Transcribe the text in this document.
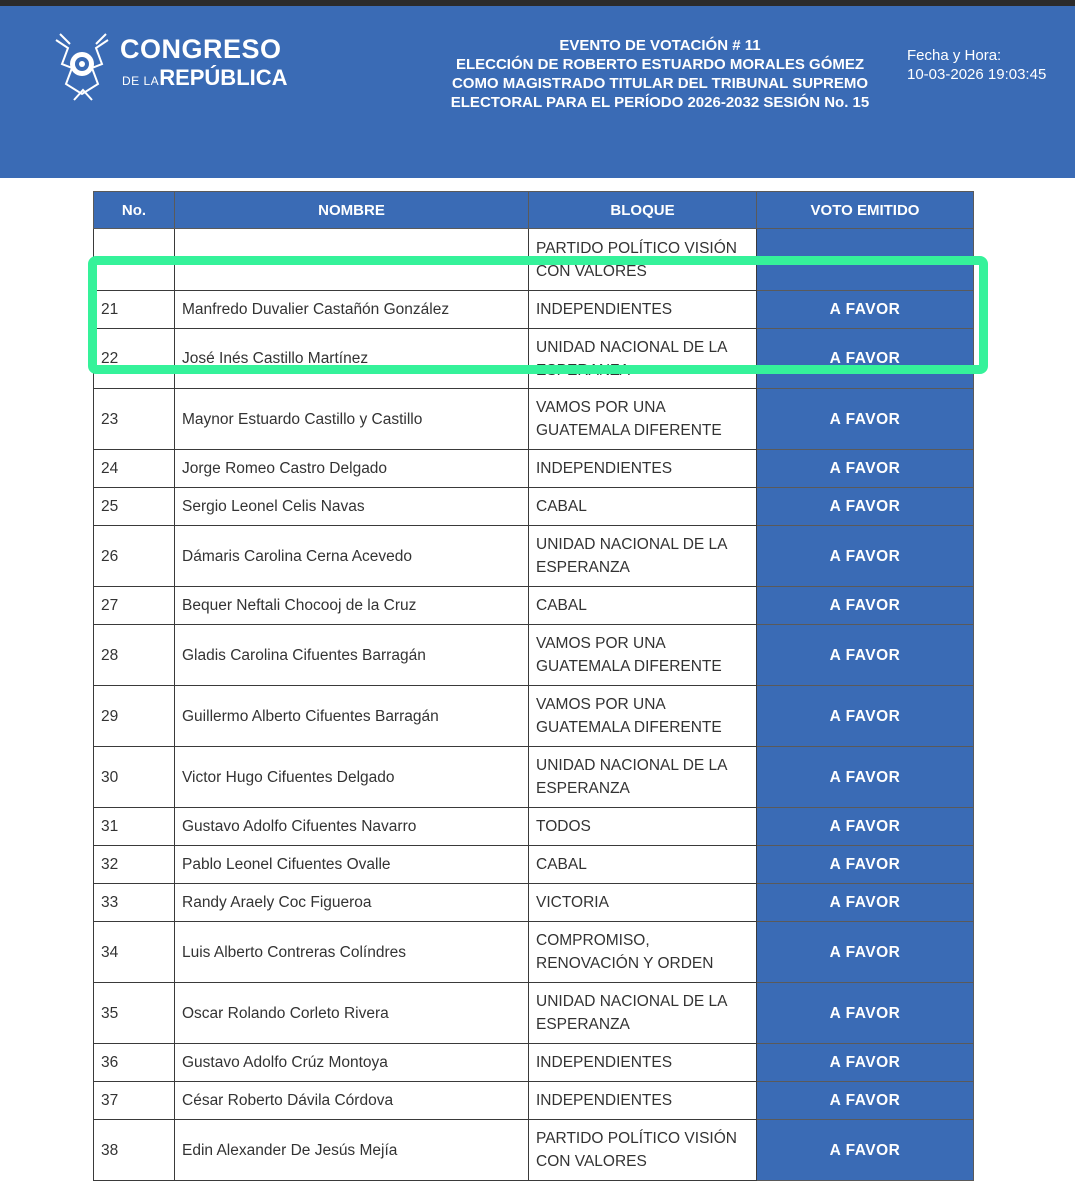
CONGRESO
DE LAREPÚBLICA
EVENTO DE VOTACIÓN # 11
ELECCIÓN DE ROBERTO ESTUARDO MORALES GÓMEZ
COMO MAGISTRADO TITULAR DEL TRIBUNAL SUPREMO
ELECTORAL PARA EL PERÍODO 2026-2032 SESIÓN No. 15
Fecha y Hora:
10-03-2026 19:03:45
No.	NOMBRE	BLOQUE	VOTO EMITIDO

		PARTIDO POLÍTICO VISIÓN
CON VALORES	

21	Manfredo Duvalier Castañón González	INDEPENDIENTES	A FAVOR
22	José Inés Castillo Martínez	UNIDAD NACIONAL DE LA
ESPERANZA	A FAVOR
23	Maynor Estuardo Castillo y Castillo	VAMOS POR UNA
GUATEMALA DIFERENTE	A FAVOR
24	Jorge Romeo Castro Delgado	INDEPENDIENTES	A FAVOR
25	Sergio Leonel Celis Navas	CABAL	A FAVOR
26	Dámaris Carolina Cerna Acevedo	UNIDAD NACIONAL DE LA
ESPERANZA	A FAVOR
27	Bequer Neftali Chocooj de la Cruz	CABAL	A FAVOR
28	Gladis Carolina Cifuentes Barragán	VAMOS POR UNA
GUATEMALA DIFERENTE	A FAVOR
29	Guillermo Alberto Cifuentes Barragán	VAMOS POR UNA
GUATEMALA DIFERENTE	A FAVOR
30	Victor Hugo Cifuentes Delgado	UNIDAD NACIONAL DE LA
ESPERANZA	A FAVOR
31	Gustavo Adolfo Cifuentes Navarro	TODOS	A FAVOR
32	Pablo Leonel Cifuentes Ovalle	CABAL	A FAVOR
33	Randy Araely Coc Figueroa	VICTORIA	A FAVOR
34	Luis Alberto Contreras Colíndres	COMPROMISO,
RENOVACIÓN Y ORDEN	A FAVOR
35	Oscar Rolando Corleto Rivera	UNIDAD NACIONAL DE LA
ESPERANZA	A FAVOR
36	Gustavo Adolfo Crúz Montoya	INDEPENDIENTES	A FAVOR
37	César Roberto Dávila Córdova	INDEPENDIENTES	A FAVOR
38	Edin Alexander De Jesús Mejía	PARTIDO POLÍTICO VISIÓN
CON VALORES	A FAVOR
